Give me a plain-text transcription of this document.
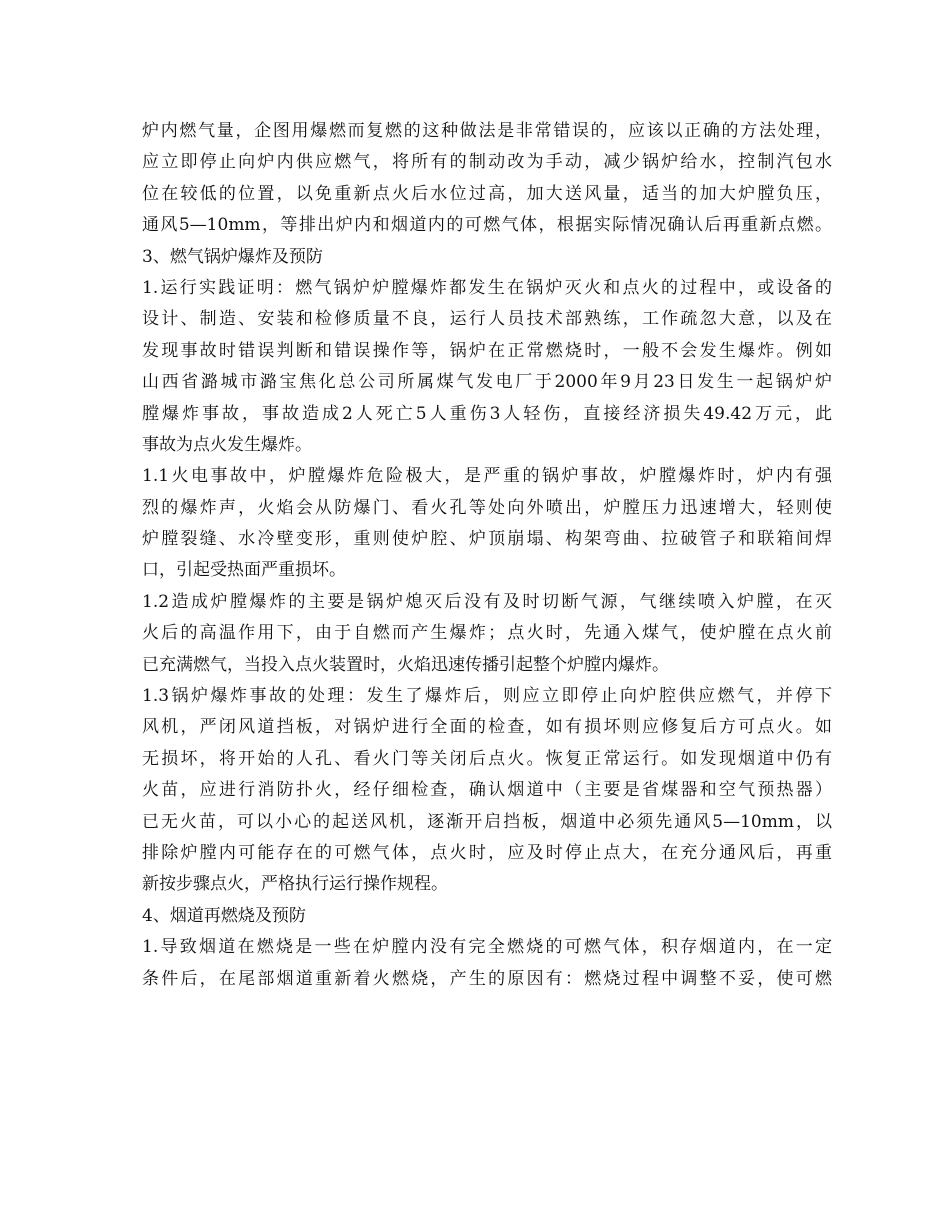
炉内燃气量，企图用爆燃而复燃的这种做法是非常错误的，应该以正确的方法处理，
应立即停止向炉内供应燃气，将所有的制动改为手动，减少锅炉给水，控制汽包水
位在较低的位置，以免重新点火后水位过高，加大送风量，适当的加大炉膛负压，
通风5—10mm，等排出炉内和烟道内的可燃气体，根据实际情况确认后再重新点燃。
3、燃气锅炉爆炸及预防
1.运行实践证明：燃气锅炉炉膛爆炸都发生在锅炉灭火和点火的过程中，或设备的
设计、制造、安装和检修质量不良，运行人员技术部熟练，工作疏忽大意，以及在
发现事故时错误判断和错误操作等，锅炉在正常燃烧时，一般不会发生爆炸。例如
山西省潞城市潞宝焦化总公司所属煤气发电厂于2000年9月23日发生一起锅炉炉
膛爆炸事故，事故造成2人死亡5人重伤3人轻伤，直接经济损失49.42万元，此
事故为点火发生爆炸。
1.1火电事故中，炉膛爆炸危险极大，是严重的锅炉事故，炉膛爆炸时，炉内有强
烈的爆炸声，火焰会从防爆门、看火孔等处向外喷出，炉膛压力迅速增大，轻则使
炉膛裂缝、水冷壁变形，重则使炉腔、炉顶崩塌、构架弯曲、拉破管子和联箱间焊
口，引起受热面严重损坏。
1.2造成炉膛爆炸的主要是锅炉熄灭后没有及时切断气源，气继续喷入炉膛，在灭
火后的高温作用下，由于自燃而产生爆炸；点火时，先通入煤气，使炉膛在点火前
已充满燃气，当投入点火装置时，火焰迅速传播引起整个炉膛内爆炸。
1.3锅炉爆炸事故的处理：发生了爆炸后，则应立即停止向炉腔供应燃气，并停下
风机，严闭风道挡板，对锅炉进行全面的检查，如有损坏则应修复后方可点火。如
无损坏，将开始的人孔、看火门等关闭后点火。恢复正常运行。如发现烟道中仍有
火苗，应进行消防扑火，经仔细检查，确认烟道中（主要是省煤器和空气预热器）
已无火苗，可以小心的起送风机，逐渐开启挡板，烟道中必须先通风5—10mm，以
排除炉膛内可能存在的可燃气体，点火时，应及时停止点大，在充分通风后，再重
新按步骤点火，严格执行运行操作规程。
4、烟道再燃烧及预防
1.导致烟道在燃烧是一些在炉膛内没有完全燃烧的可燃气体，积存烟道内，在一定
条件后，在尾部烟道重新着火燃烧，产生的原因有：燃烧过程中调整不妥，使可燃
